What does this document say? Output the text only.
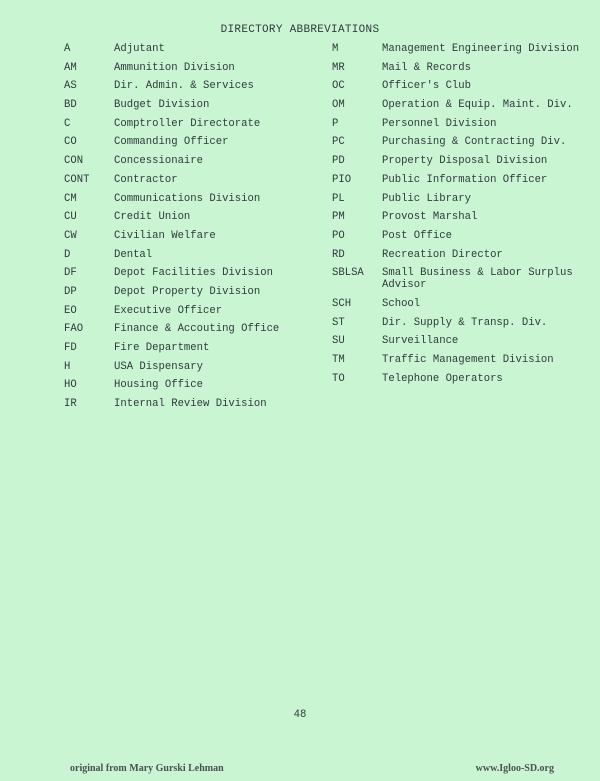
DIRECTORY ABBREVIATIONS
A	Adjutant
AM	Ammunition Division
AS	Dir. Admin. & Services
BD	Budget Division
C	Comptroller Directorate
CO	Commanding Officer
CON	Concessionaire
CONT	Contractor
CM	Communications Division
CU	Credit Union
CW	Civilian Welfare
D	Dental
DF	Depot Facilities Division
DP	Depot Property Division
EO	Executive Officer
FAO	Finance & Accouting Office
FD	Fire Department
H	USA Dispensary
HO	Housing Office
IR	Internal Review Division
M	Management Engineering Division
MR	Mail & Records
OC	Officer's Club
OM	Operation & Equip. Maint. Div.
P	Personnel Division
PC	Purchasing & Contracting Div.
PD	Property Disposal Division
PIO	Public Information Officer
PL	Public Library
PM	Provost Marshal
PO	Post Office
RD	Recreation Director
SBLSA	Small Business & Labor Surplus Advisor
SCH	School
ST	Dir. Supply & Transp. Div.
SU	Surveillance
TM	Traffic Management Division
TO	Telephone Operators
48
original from Mary Gurski Lehman	www.Igloo-SD.org
